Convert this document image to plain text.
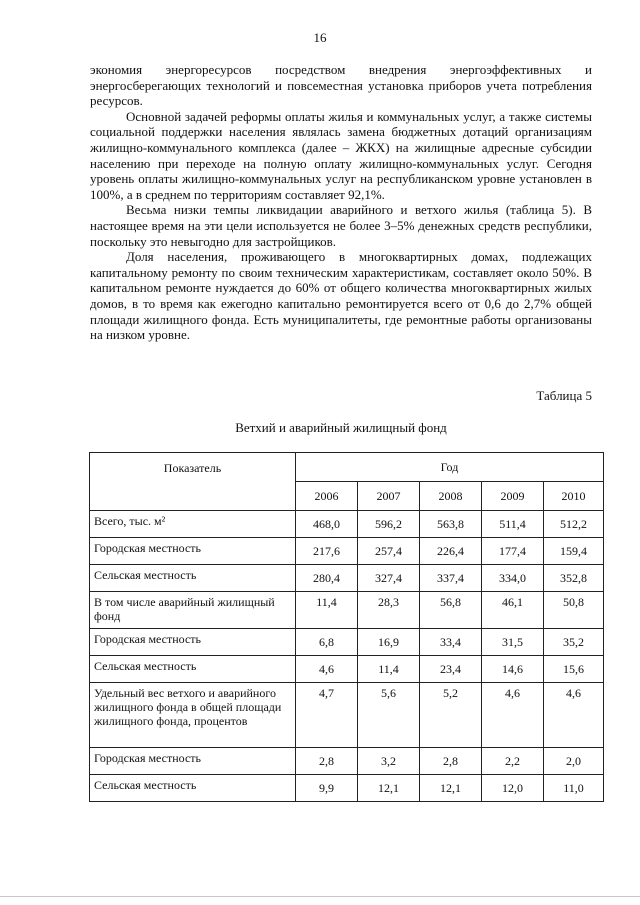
16

экономия энергоресурсов посредством внедрения энергоэффективных и энергосберегающих технологий и повсеместная установка приборов учета потребления ресурсов.

Основной задачей реформы оплаты жилья и коммунальных услуг, а также системы социальной поддержки населения являлась замена бюджетных дотаций организациям жилищно-коммунального комплекса (далее – ЖКХ) на жилищные адресные субсидии населению при переходе на полную оплату жилищно-коммунальных услуг. Сегодня уровень оплаты жилищно-коммунальных услуг на республиканском уровне установлен в 100%, а в среднем по территориям составляет 92,1%.

Весьма низки темпы ликвидации аварийного и ветхого жилья (таблица 5). В настоящее время на эти цели используется не более 3–5% денежных средств республики, поскольку это невыгодно для застройщиков.

Доля населения, проживающего в многоквартирных домах, подлежащих капитальному ремонту по своим техническим характеристикам, составляет около 50%. В капитальном ремонте нуждается до 60% от общего количества многоквартирных жилых домов, в то время как ежегодно капитально ремонтируется всего от 0,6 до 2,7% общей площади жилищного фонда. Есть муниципалитеты, где ремонтные работы организованы на низком уровне.

Таблица 5
Ветхий и аварийный жилищный фонд
Показатель	Год				
	2006	2007	2008	2009	2010
Всего, тыс. м²	468,0	596,2	563,8	511,4	512,2
Городская местность	217,6	257,4	226,4	177,4	159,4
Сельская местность	280,4	327,4	337,4	334,0	352,8
В том числе аварийный жилищный фонд	11,4	28,3	56,8	46,1	50,8
Городская местность	6,8	16,9	33,4	31,5	35,2
Сельская местность	4,6	11,4	23,4	14,6	15,6
Удельный вес ветхого и аварийного жилищного фонда в общей площади жилищного фонда, процентов	4,7	5,6	5,2	4,6	4,6
Городская местность	2,8	3,2	2,8	2,2	2,0
Сельская местность	9,9	12,1	12,1	12,0	11,0
